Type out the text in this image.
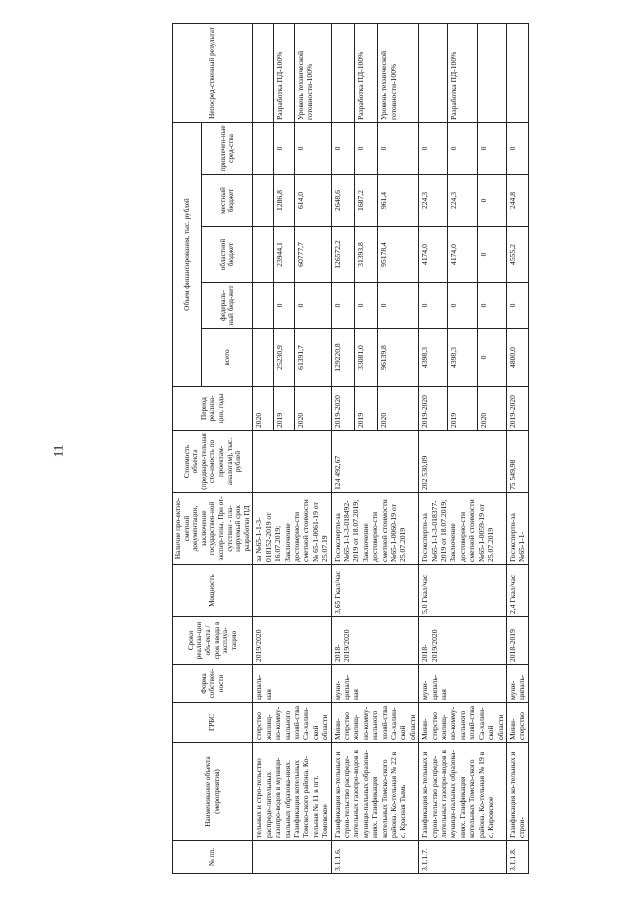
11
№ пп.	Наименование объекта (мероприятия)	ГРБС	Форма собствен-ности	Сроки реализа-ции объ-екта / срок ввода в эксплуа-тацию	Мощность	Наличие про-ектно-сметной документации, заключение государствен-ной экспер-тизы. При от-сутствии - пла-нируемый срок разработки ПД	Стоимость объекта (предвари-тельная сто-имость по проектам-аналогам), тыс. рублей	Период реализа-ции, годы	Объем финансирования, тыс. рублей					Непосред-ственный результат
									всего	федераль-ный бюд-жет	областной бюджет	местный бюджет	привлечен-ные сред-ства	
	тельных и стро-тельство распреде-лительных газопро-водов в муници-пальных образова-ниях. Газификация котельных Томско-ского района. Ко-тельная № 11 в пгт. Томовское	стерство жилищ-но-комму-нального хозяй-ства Са-халин-ской области	ципаль-ная	2019/2020		за №65-1-1-3-018152-2019 от 16.07.2019; Заключение достоверно-сти сметной стоимости № 65-1-0061-19 от 25.07.19		2020						
								2019	25230,9	0	23944,1	1286,8	0	Разработка ПД-100%
								2020	61391,7	0	60777,7	614,0	0	Уровень технической готовности-100%
3.1.1.6.	Газификация ко-тельных и строи-тельство распреде-лительных газопро-водов в муници-пальных образова-ниях. Газификация котельных Томско-ского района. Ко-тельная № 22 в с. Красная Тымь	Мини-стерство жилищ-но-комму-нального хозяй-ства Са-халин-ской области	муни-ципаль-ная	2018-2019/2020	3,65 Гкал/час	Госэксперти-за №65-1-1-3-018492-2019 от 18.07.2019; Заключение достоверно-сти сметной стоимости №65-1-0060-19 от 25.07.2019	124 492,67	2019-2020	129220,8	0	126572,2	2648,6	0	
								2019	33081,0	0	31393,8	1687,2	0	Разработка ПД-100%
								2020	96139,8	0	95178,4	961,4	0	Уровень технической готовности-100%
3.1.1.7.	Газификация ко-тельных и строи-тельство распреде-лительных газопро-водов в муници-пальных образова-ниях. Газификация котельных Томско-ского района. Ко-тельная № 19 в с. Кировское	Мини-стерство жилищ-но-комму-нального хозяй-ства Са-халин-ской области	муни-ципаль-ная	2018-2019/2020	5,0 Гкал/час	Госэксперти-за №65-1-1-3-018377-2019 от 18.07.2019; Заключение достоверно-сти сметной стоимости №65-1-0059-19 от 25.07.2019	202 530,09	2019-2020	4398,3	0	4174,0	224,3	0	
								2019	4398,3	0	4174,0	224,3	0	Разработка ПД-100%
								2020	0	0	0	0	0	
3.1.1.8.	Газификация ко-тельных и строи-	Мини-стерство	муни-ципаль-	2018-2019	2,4 Гкал/час	Госэксперти-за №65-1-1-	75 549,98	2019-2020	4800,0	0	4555,2	244,8	0	
